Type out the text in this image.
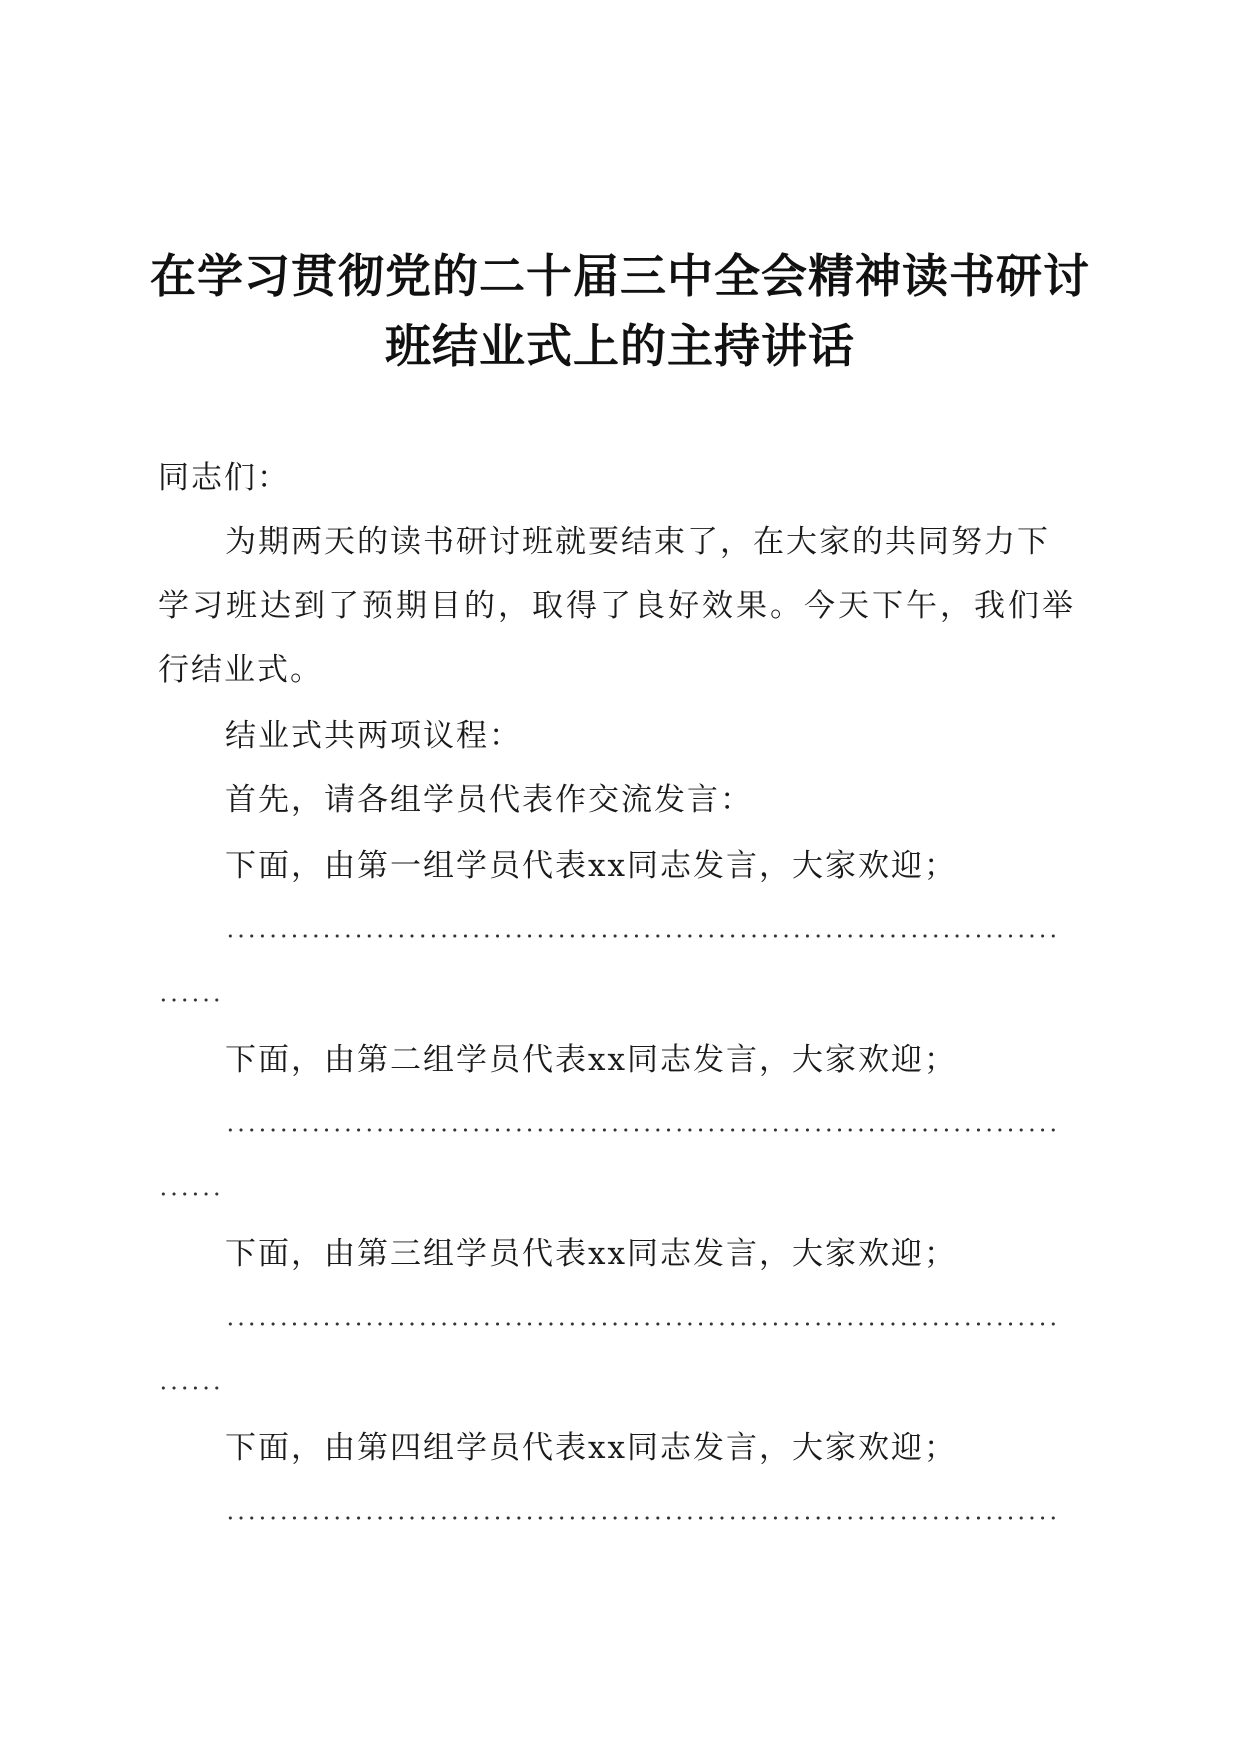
在学习贯彻党的二十届三中全会精神读书研讨
班结业式上的主持讲话
同志们：
为期两天的读书研讨班就要结束了，在大家的共同努力下
学习班达到了预期目的，取得了良好效果。今天下午，我们举
行结业式。
结业式共两项议程：
首先，请各组学员代表作交流发言：
下面，由第一组学员代表xx同志发言，大家欢迎；
下面，由第二组学员代表xx同志发言，大家欢迎；
下面，由第三组学员代表xx同志发言，大家欢迎；
下面，由第四组学员代表xx同志发言，大家欢迎；
